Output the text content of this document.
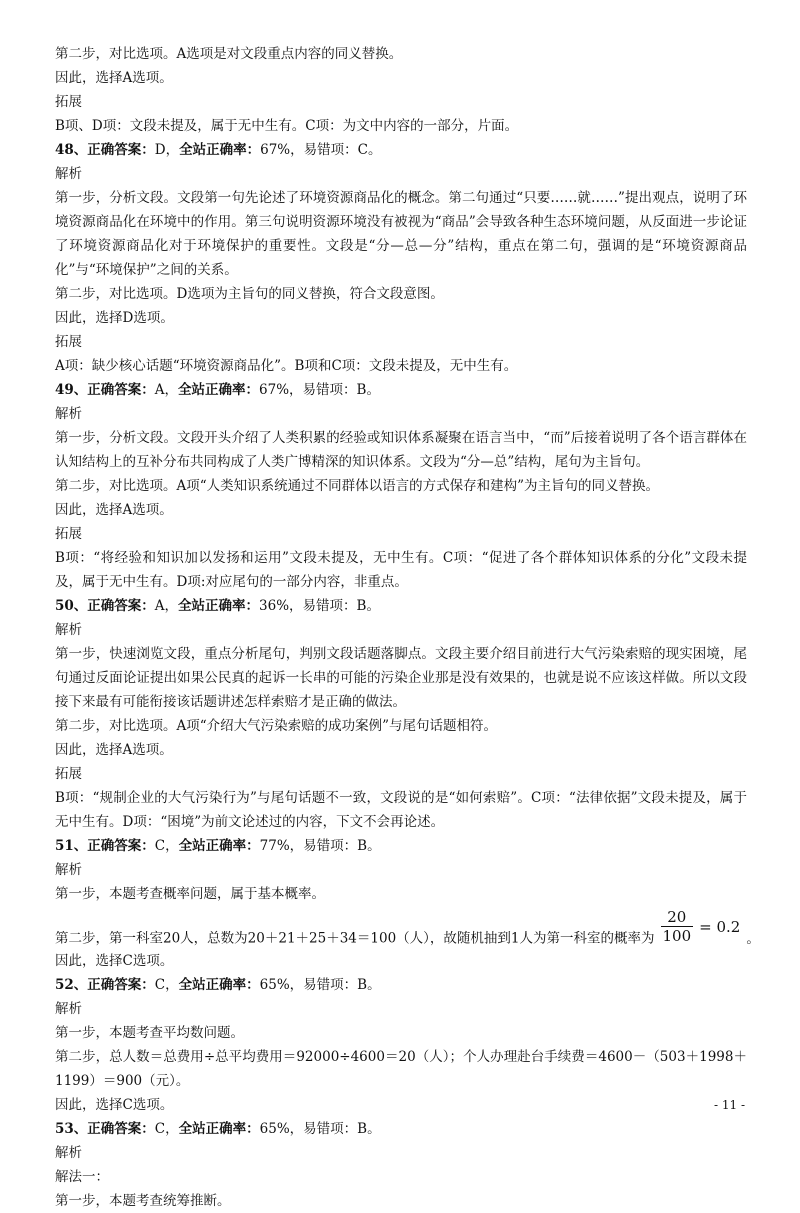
第二步，对比选项。A选项是对文段重点内容的同义替换。
因此，选择A选项。
拓展
B项、D项：文段未提及，属于无中生有。C项：为文中内容的一部分，片面。
48、正确答案：D，全站正确率：67%，易错项：C。
解析
第一步，分析文段。文段第一句先论述了环境资源商品化的概念。第二句通过“只要……就……”提出观点，说明了环境资源商品化在环境中的作用。第三句说明资源环境没有被视为“商品”会导致各种生态环境问题，从反面进一步论证了环境资源商品化对于环境保护的重要性。文段是“分—总—分”结构，重点在第二句，强调的是“环境资源商品化”与“环境保护”之间的关系。
第二步，对比选项。D选项为主旨句的同义替换，符合文段意图。
因此，选择D选项。
拓展
A项：缺少核心话题“环境资源商品化”。B项和C项：文段未提及，无中生有。
49、正确答案：A，全站正确率：67%，易错项：B。
解析
第一步，分析文段。文段开头介绍了人类积累的经验或知识体系凝聚在语言当中，“而”后接着说明了各个语言群体在认知结构上的互补分布共同构成了人类广博精深的知识体系。文段为“分—总”结构，尾句为主旨句。
第二步，对比选项。A项“人类知识系统通过不同群体以语言的方式保存和建构”为主旨句的同义替换。
因此，选择A选项。
拓展
B项：“将经验和知识加以发扬和运用”文段未提及，无中生有。C项：“促进了各个群体知识体系的分化”文段未提及，属于无中生有。D项:对应尾句的一部分内容，非重点。
50、正确答案：A，全站正确率：36%，易错项：B。
解析
第一步，快速浏览文段，重点分析尾句，判别文段话题落脚点。文段主要介绍目前进行大气污染索赔的现实困境，尾句通过反面论证提出如果公民真的起诉一长串的可能的污染企业那是没有效果的，也就是说不应该这样做。所以文段接下来最有可能衔接该话题讲述怎样索赔才是正确的做法。
第二步，对比选项。A项“介绍大气污染索赔的成功案例”与尾句话题相符。
因此，选择A选项。
拓展
B项：“规制企业的大气污染行为”与尾句话题不一致，文段说的是“如何索赔”。C项：“法律依据”文段未提及，属于无中生有。D项：“困境”为前文论述过的内容，下文不会再论述。
51、正确答案：C，全站正确率：77%，易错项：B。
解析
第一步，本题考查概率问题，属于基本概率。
第二步，第一科室20人，总数为20＋21＋25＋34＝100（人），故随机抽到1人为第一科室的概率为 $\frac{20}{100} = 0.2$。
因此，选择C选项。
52、正确答案：C，全站正确率：65%，易错项：B。
解析
第一步，本题考查平均数问题。
第二步，总人数＝总费用÷总平均费用＝92000÷4600＝20（人）；个人办理赴台手续费＝4600－（503＋1998＋1199）＝900（元）。
因此，选择C选项。
53、正确答案：C，全站正确率：65%，易错项：B。
解析
解法一：
第一步，本题考查统筹推断。
- 11 -
